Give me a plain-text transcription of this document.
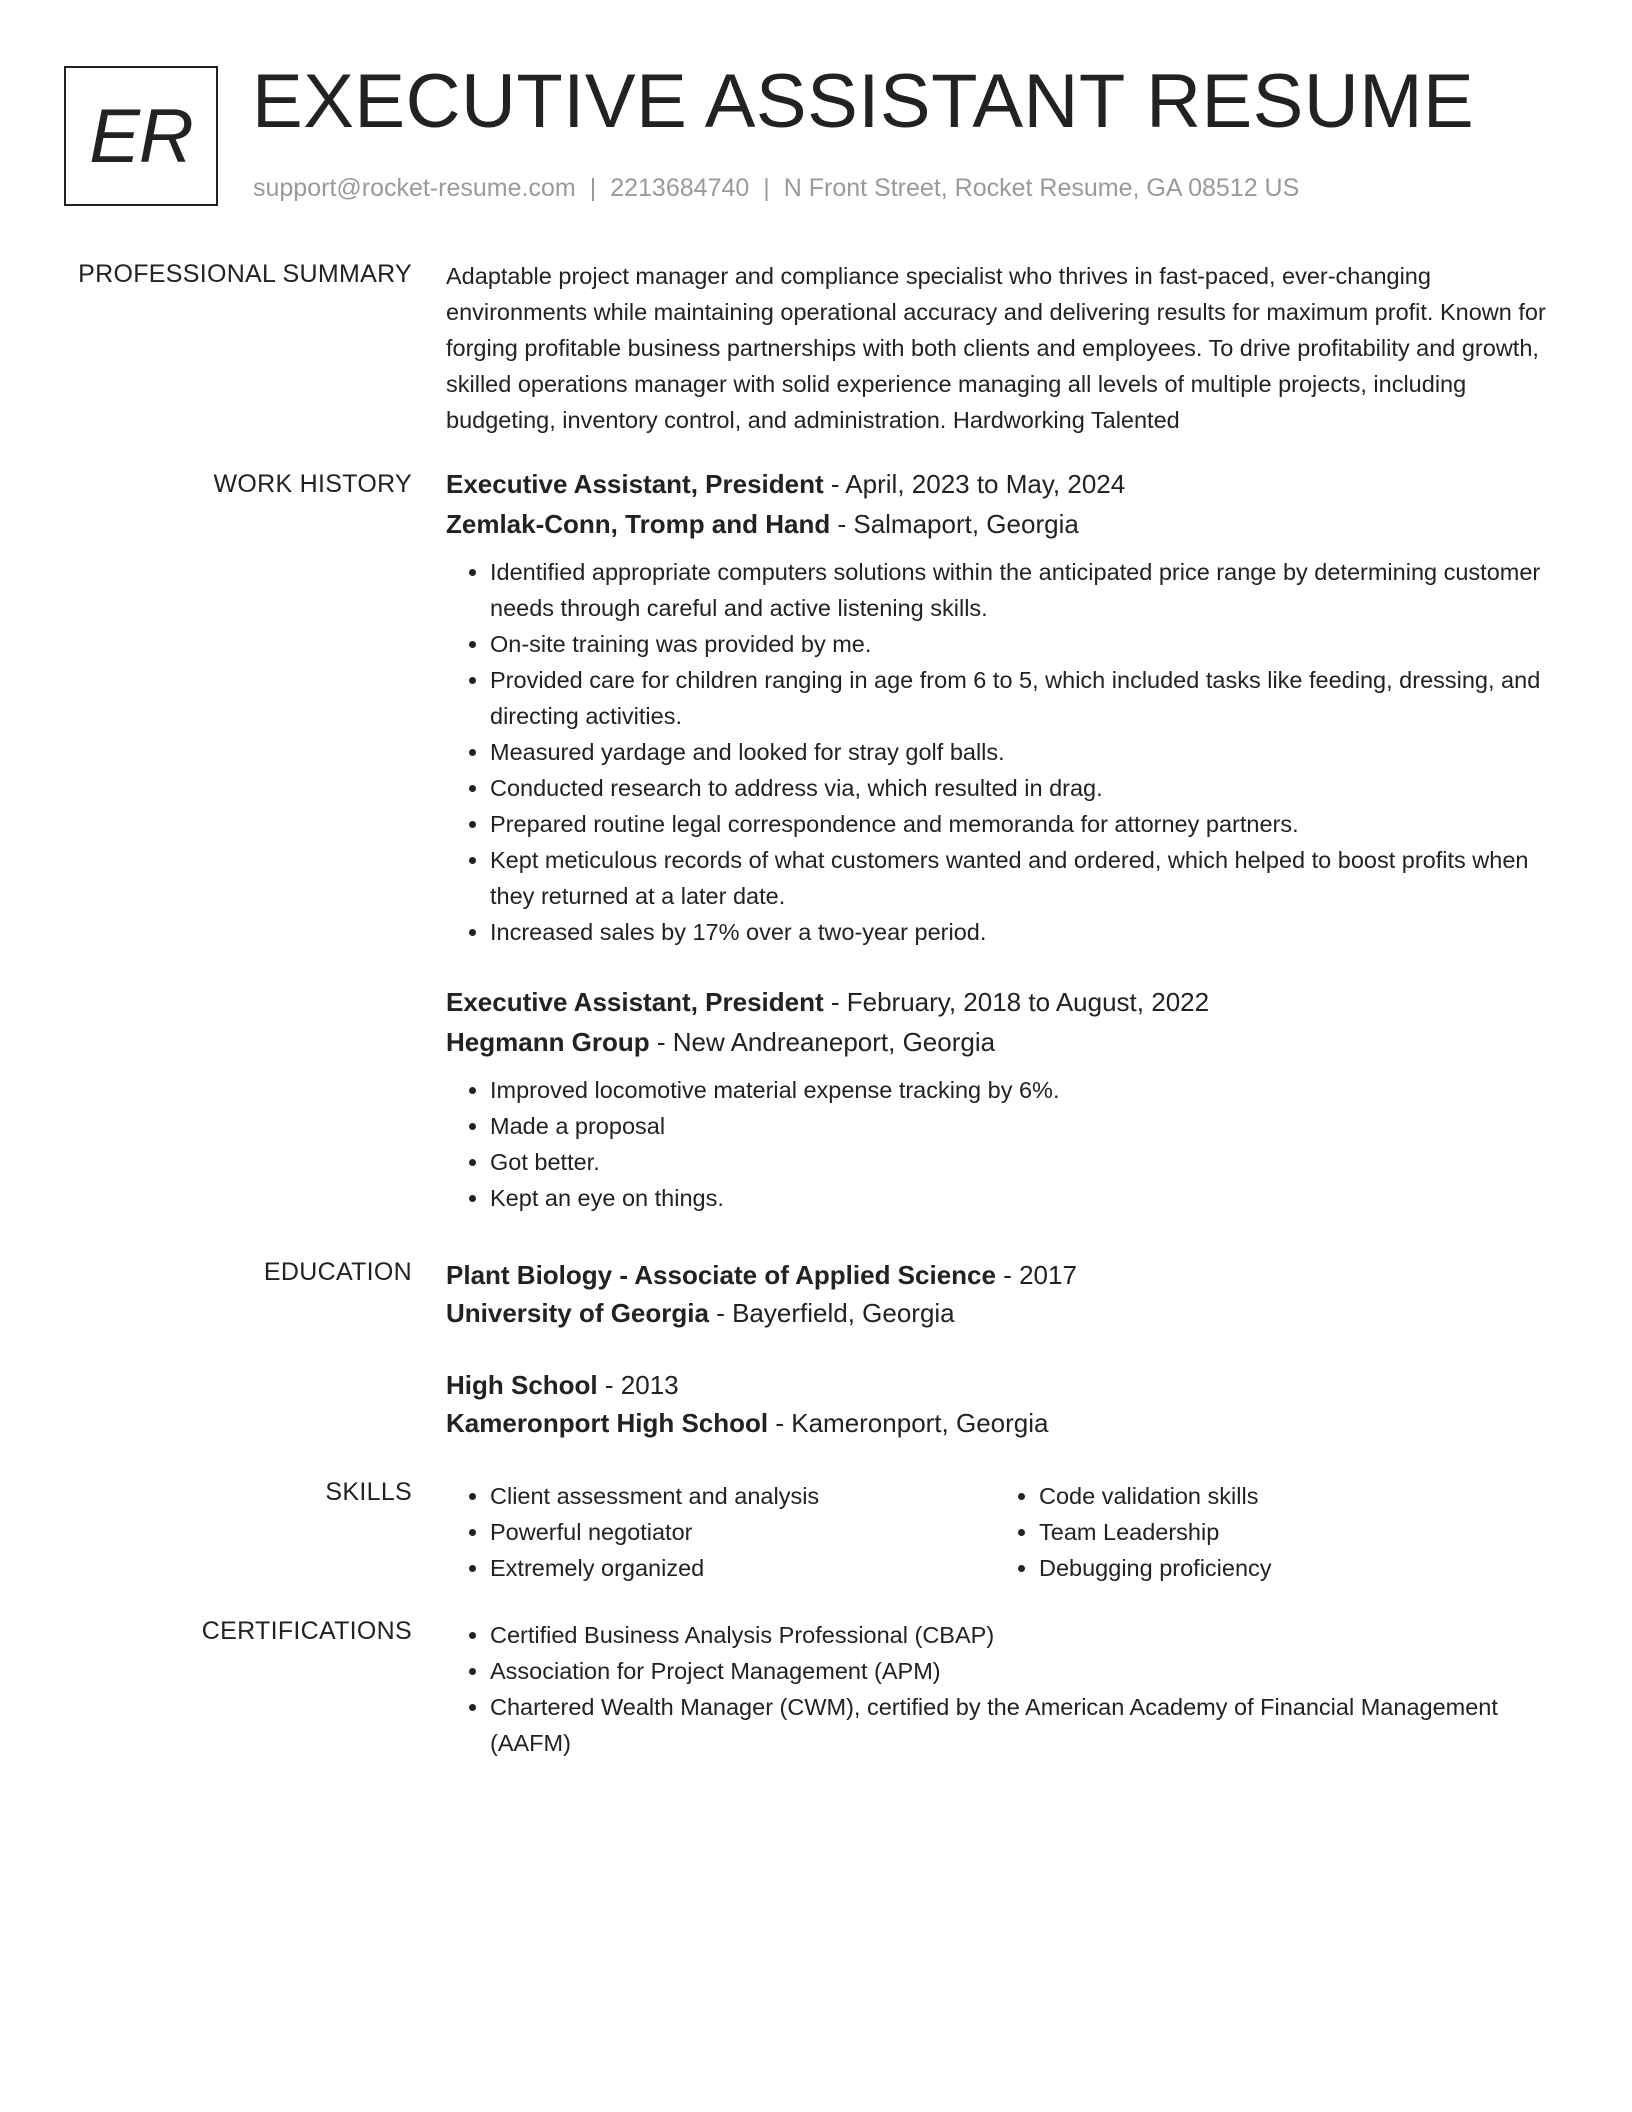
ER EXECUTIVE ASSISTANT RESUME
support@rocket-resume.com | 2213684740 | N Front Street, Rocket Resume, GA 08512 US
PROFESSIONAL SUMMARY Adaptable project manager and compliance specialist who thrives in fast-paced, ever-changing environments while maintaining operational accuracy and delivering results for maximum profit. Known for forging profitable business partnerships with both clients and employees. To drive profitability and growth, skilled operations manager with solid experience managing all levels of multiple projects, including budgeting, inventory control, and administration. Hardworking Talented
WORK HISTORY Executive Assistant, President - April, 2023 to May, 2024
Zemlak-Conn, Tromp and Hand - Salmaport, Georgia
• Identified appropriate computers solutions within the anticipated price range by determining customer needs through careful and active listening skills.
• On-site training was provided by me.
• Provided care for children ranging in age from 6 to 5, which included tasks like feeding, dressing, and directing activities.
• Measured yardage and looked for stray golf balls.
• Conducted research to address via, which resulted in drag.
• Prepared routine legal correspondence and memoranda for attorney partners.
• Kept meticulous records of what customers wanted and ordered, which helped to boost profits when they returned at a later date.
• Increased sales by 17% over a two-year period.
Executive Assistant, President - February, 2018 to August, 2022
Hegmann Group - New Andreaneport, Georgia
• Improved locomotive material expense tracking by 6%.
• Made a proposal
• Got better.
• Kept an eye on things.
EDUCATION Plant Biology - Associate of Applied Science - 2017
University of Georgia - Bayerfield, Georgia
High School - 2013
Kameronport High School - Kameronport, Georgia
SKILLS	• Client assessment and analysis
• Powerful negotiator
• Extremely organized
• Code validation skills
• Team Leadership
• Debugging proficiency
CERTIFICATIONS	• Certified Business Analysis Professional (CBAP)
• Association for Project Management (APM)
• Chartered Wealth Manager (CWM), certified by the American Academy of Financial Management (AAFM)
